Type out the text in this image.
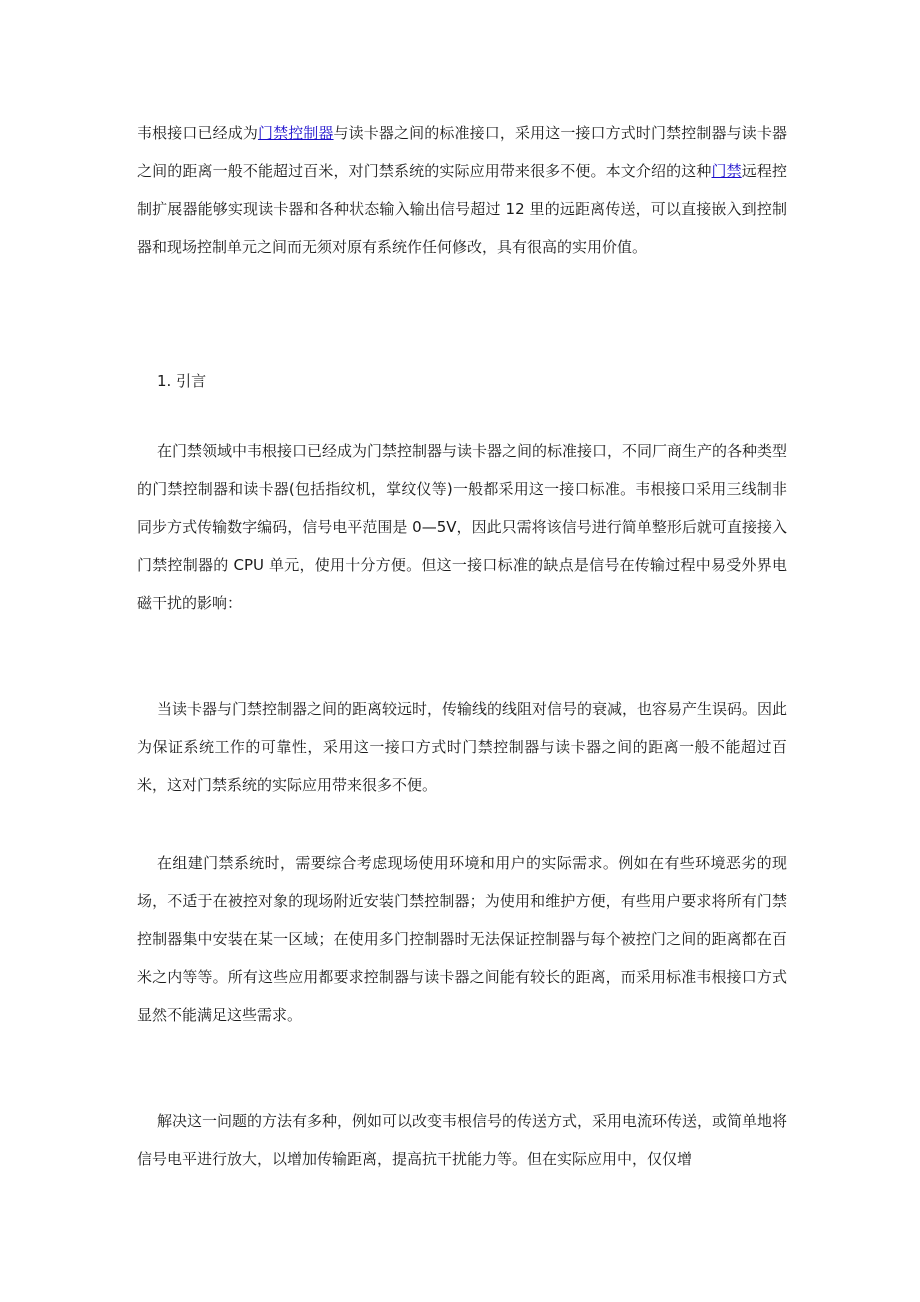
韦根接口已经成为门禁控制器与读卡器之间的标准接口，采用这一接口方式时门禁控制器与读卡器之间的距离一般不能超过百米，对门禁系统的实际应用带来很多不便。本文介绍的这种门禁远程控制扩展器能够实现读卡器和各种状态输入输出信号超过 12 里的远距离传送，可以直接嵌入到控制器和现场控制单元之间而无须对原有系统作任何修改，具有很高的实用价值。

1. 引言

在门禁领域中韦根接口已经成为门禁控制器与读卡器之间的标准接口，不同厂商生产的各种类型的门禁控制器和读卡器(包括指纹机，掌纹仪等)一般都采用这一接口标准。韦根接口采用三线制非同步方式传输数字编码，信号电平范围是 0—5V，因此只需将该信号进行简单整形后就可直接接入门禁控制器的 CPU 单元，使用十分方便。但这一接口标准的缺点是信号在传输过程中易受外界电磁干扰的影响：

当读卡器与门禁控制器之间的距离较远时，传输线的线阻对信号的衰减，也容易产生误码。因此为保证系统工作的可靠性，采用这一接口方式时门禁控制器与读卡器之间的距离一般不能超过百米，这对门禁系统的实际应用带来很多不便。

在组建门禁系统时，需要综合考虑现场使用环境和用户的实际需求。例如在有些环境恶劣的现场，不适于在被控对象的现场附近安装门禁控制器；为使用和维护方便，有些用户要求将所有门禁控制器集中安装在某一区域；在使用多门控制器时无法保证控制器与每个被控门之间的距离都在百米之内等等。所有这些应用都要求控制器与读卡器之间能有较长的距离，而采用标准韦根接口方式显然不能满足这些需求。

解决这一问题的方法有多种，例如可以改变韦根信号的传送方式，采用电流环传送，或简单地将信号电平进行放大，以增加传输距离，提高抗干扰能力等。但在实际应用中，仅仅增
